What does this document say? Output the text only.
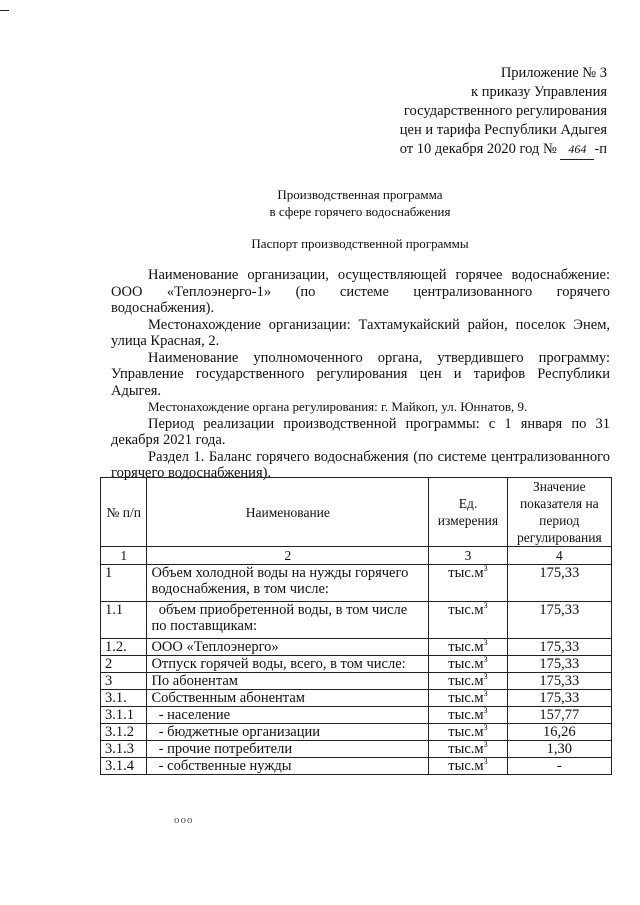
Приложение № 3
к приказу Управления
государственного регулирования
цен и тарифа Республики Адыгея
от 10 декабря 2020 год № 464 -п
Производственная программа
в сфере горячего водоснабжения
Паспорт производственной программы

Наименование организации, осуществляющей горячее водоснабжение: ООО «Теплоэнерго-1» (по системе централизованного горячего водоснабжения).

Местонахождение организации: Тахтамукайский район, поселок Энем, улица Красная, 2.

Наименование уполномоченного органа, утвердившего программу: Управление государственного регулирования цен и тарифов Республики Адыгея.

Местонахождение органа регулирования: г. Майкоп, ул. Юннатов, 9.

Период реализации производственной программы: с 1 января по 31 декабря 2021 года.

Раздел 1. Баланс горячего водоснабжения (по системе централизованного горячего водоснабжения).

№ п/п	Наименование	Ед. измерения	Значение показателя на период регулирования
1	2	3	4
1	Объем холодной воды на нужды горячего водоснабжения, в том числе:	$тыс.м^3$	175,33
1.1	объем приобретенной воды, в том числе по поставщикам:	$тыс.м^3$	175,33
1.2.	ООО «Теплоэнерго»	$тыс.м^3$	175,33
2	Отпуск горячей воды, всего, в том числе:	$тыс.м^3$	175,33
3	По абонентам	$тыс.м^3$	175,33
3.1.	Собственным абонентам	$тыс.м^3$	175,33
3.1.1	- население	$тыс.м^3$	157,77
3.1.2	- бюджетные организации	$тыс.м^3$	16,26
3.1.3	- прочие потребители	$тыс.м^3$	1,30
3.1.4	- собственные нужды	$тыс.м^3$	-
ооо
